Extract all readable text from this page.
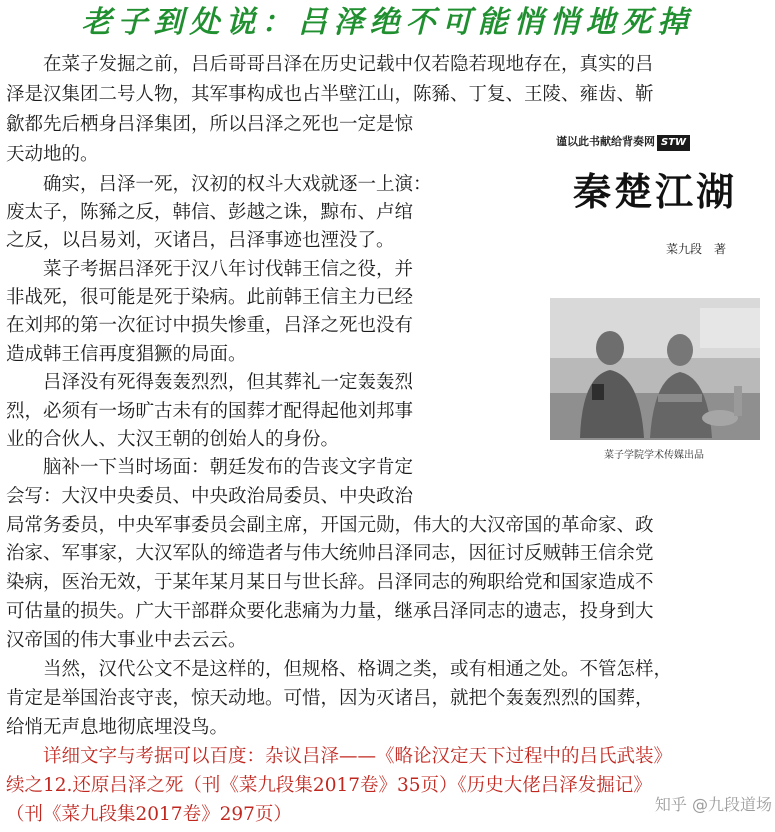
老子到处说：吕泽绝不可能悄悄地死掉
　　在菜子发掘之前，吕后哥哥吕泽在历史记载中仅若隐若现地存在，真实的吕
泽是汉集团二号人物，其军事构成也占半壁江山，陈豨、丁复、王陵、雍齿、靳
歙都先后栖身吕泽集团，所以吕泽之死也一定是惊
天动地的。
　　确实，吕泽一死，汉初的权斗大戏就逐一上演：
废太子，陈豨之反，韩信、彭越之诛，黥布、卢绾
之反，以吕易刘，灭诸吕，吕泽事迹也湮没了。
　　菜子考据吕泽死于汉八年讨伐韩王信之役，并
非战死，很可能是死于染病。此前韩王信主力已经
在刘邦的第一次征讨中损失惨重，吕泽之死也没有
造成韩王信再度猖獗的局面。
　　吕泽没有死得轰轰烈烈，但其葬礼一定轰轰烈
烈，必须有一场旷古未有的国葬才配得起他刘邦事
业的合伙人、大汉王朝的创始人的身份。
　　脑补一下当时场面：朝廷发布的告丧文字肯定
会写：大汉中央委员、中央政治局委员、中央政治
局常务委员，中央军事委员会副主席，开国元勋，伟大的大汉帝国的革命家、政
治家、军事家，大汉军队的缔造者与伟大统帅吕泽同志，因征讨反贼韩王信余党
染病，医治无效，于某年某月某日与世长辞。吕泽同志的殉职给党和国家造成不
可估量的损失。广大干部群众要化悲痛为力量，继承吕泽同志的遗志，投身到大
汉帝国的伟大事业中去云云。
　　当然，汉代公文不是这样的，但规格、格调之类，或有相通之处。不管怎样，
肯定是举国治丧守丧，惊天动地。可惜，因为灭诸吕，就把个轰轰烈烈的国葬，
给悄无声息地彻底埋没鸟。
　　详细文字与考据可以百度：杂议吕泽——《略论汉定天下过程中的吕氏武装》
续之12.还原吕泽之死（刊《菜九段集2017卷》35页）《历史大佬吕泽发掘记》
（刊《菜九段集2017卷》297页）
谨以此书献给背奏网 STW
秦楚江湖
菜九段　著
菜子学院学术传媒出品
知乎 @九段道场
